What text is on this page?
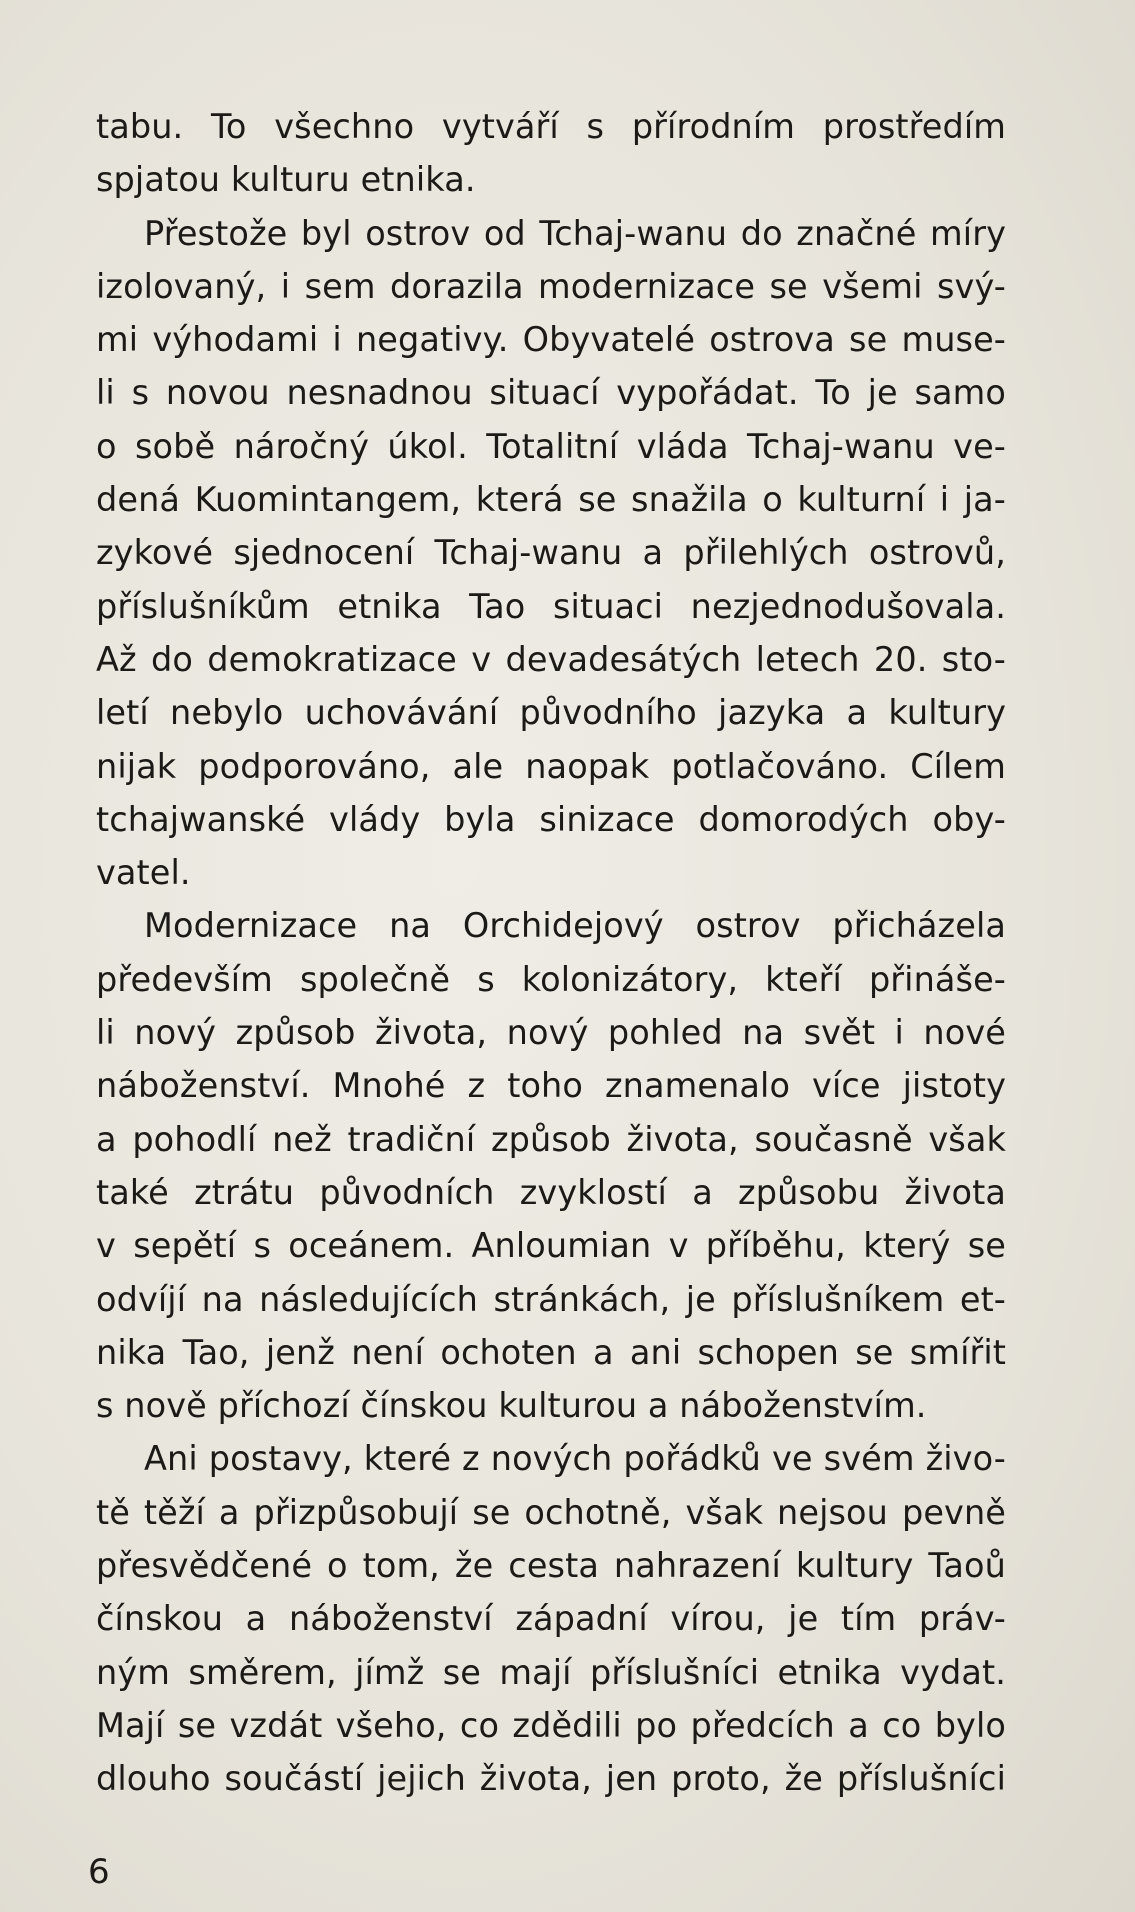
tabu. To všechno vytváří s přírodním prostředím
spjatou kulturu etnika.
Přestože byl ostrov od Tchaj-wanu do značné míry
izolovaný, i sem dorazila modernizace se všemi svý-
mi výhodami i negativy. Obyvatelé ostrova se muse-
li s novou nesnadnou situací vypořádat. To je samo
o sobě náročný úkol. Totalitní vláda Tchaj-wanu ve-
dená Kuomintangem, která se snažila o kulturní i ja-
zykové sjednocení Tchaj-wanu a přilehlých ostrovů,
příslušníkům etnika Tao situaci nezjednodušovala.
Až do demokratizace v devadesátých letech 20. sto-
letí nebylo uchovávání původního jazyka a kultury
nijak podporováno, ale naopak potlačováno. Cílem
tchajwanské vlády byla sinizace domorodých oby-
vatel.
Modernizace na Orchidejový ostrov přicházela
především společně s kolonizátory, kteří přináše-
li nový způsob života, nový pohled na svět i nové
náboženství. Mnohé z toho znamenalo více jistoty
a pohodlí než tradiční způsob života, současně však
také ztrátu původních zvyklostí a způsobu života
v sepětí s oceánem. Anloumian v příběhu, který se
odvíjí na následujících stránkách, je příslušníkem et-
nika Tao, jenž není ochoten a ani schopen se smířit
s nově příchozí čínskou kulturou a náboženstvím.
Ani postavy, které z nových pořádků ve svém živo-
tě těží a přizpůsobují se ochotně, však nejsou pevně
přesvědčené o tom, že cesta nahrazení kultury Taoů
čínskou a náboženství západní vírou, je tím práv-
ným směrem, jímž se mají příslušníci etnika vydat.
Mají se vzdát všeho, co zdědili po předcích a co bylo
dlouho součástí jejich života, jen proto, že příslušníci
6
